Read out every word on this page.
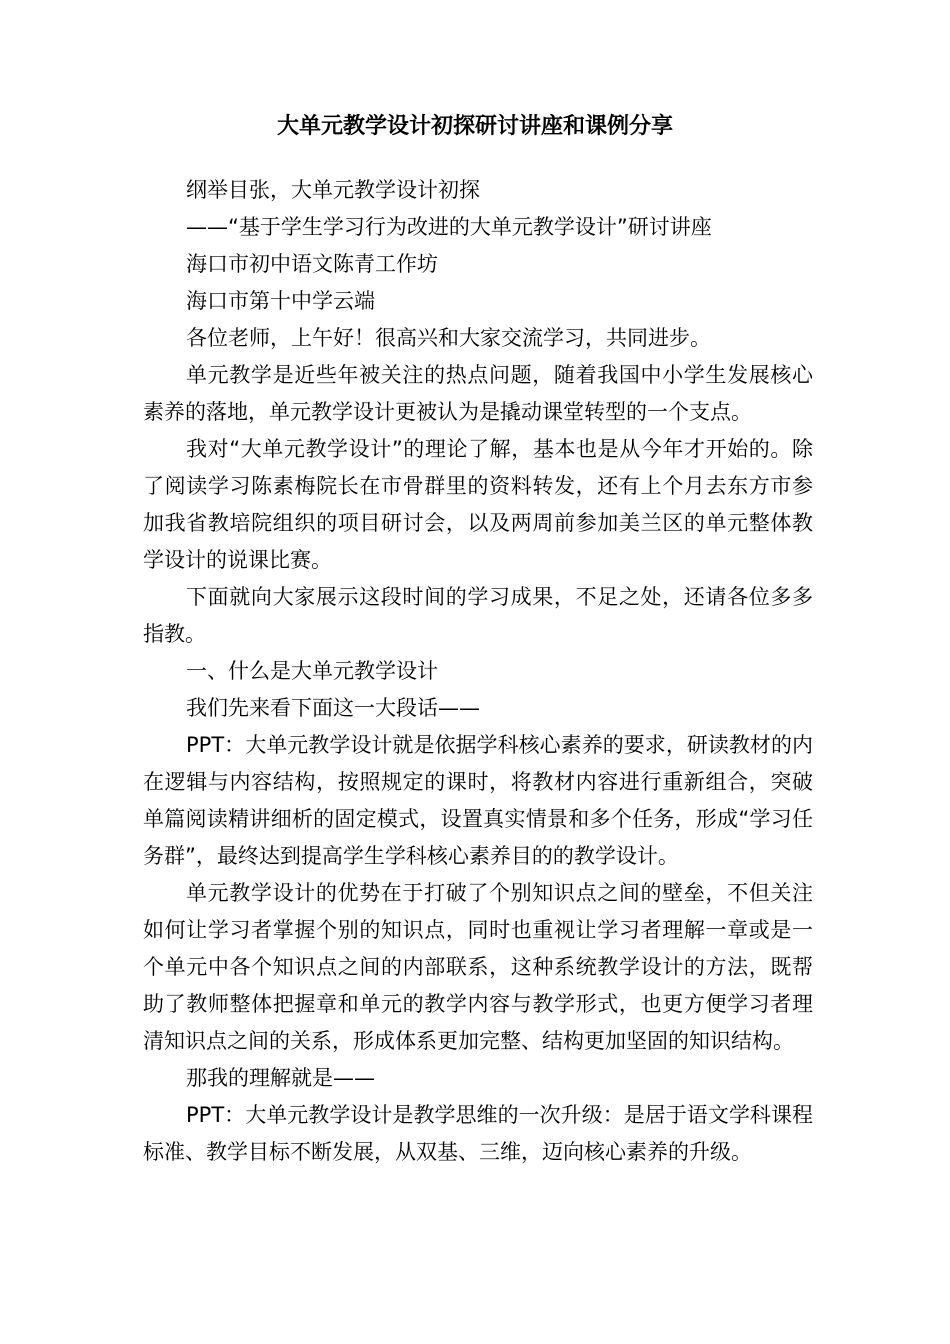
大单元教学设计初探研讨讲座和课例分享

纲举目张，大单元教学设计初探

——“基于学生学习行为改进的大单元教学设计”研讨讲座

海口市初中语文陈青工作坊

海口市第十中学云端

各位老师，上午好！很高兴和大家交流学习，共同进步。

单元教学是近些年被关注的热点问题，随着我国中小学生发展核心素养的落地，单元教学设计更被认为是撬动课堂转型的一个支点。

我对“大单元教学设计”的理论了解，基本也是从今年才开始的。除了阅读学习陈素梅院长在市骨群里的资料转发，还有上个月去东方市参加我省教培院组织的项目研讨会，以及两周前参加美兰区的单元整体教学设计的说课比赛。

下面就向大家展示这段时间的学习成果，不足之处，还请各位多多指教。

一、什么是大单元教学设计

我们先来看下面这一大段话——

PPT：大单元教学设计就是依据学科核心素养的要求，研读教材的内在逻辑与内容结构，按照规定的课时，将教材内容进行重新组合，突破单篇阅读精讲细析的固定模式，设置真实情景和多个任务，形成“学习任务群”，最终达到提高学生学科核心素养目的的教学设计。

单元教学设计的优势在于打破了个别知识点之间的壁垒，不但关注如何让学习者掌握个别的知识点，同时也重视让学习者理解一章或是一个单元中各个知识点之间的内部联系，这种系统教学设计的方法，既帮助了教师整体把握章和单元的教学内容与教学形式，也更方便学习者理清知识点之间的关系，形成体系更加完整、结构更加坚固的知识结构。

那我的理解就是——

PPT：大单元教学设计是教学思维的一次升级：是居于语文学科课程标准、教学目标不断发展，从双基、三维，迈向核心素养的升级。
